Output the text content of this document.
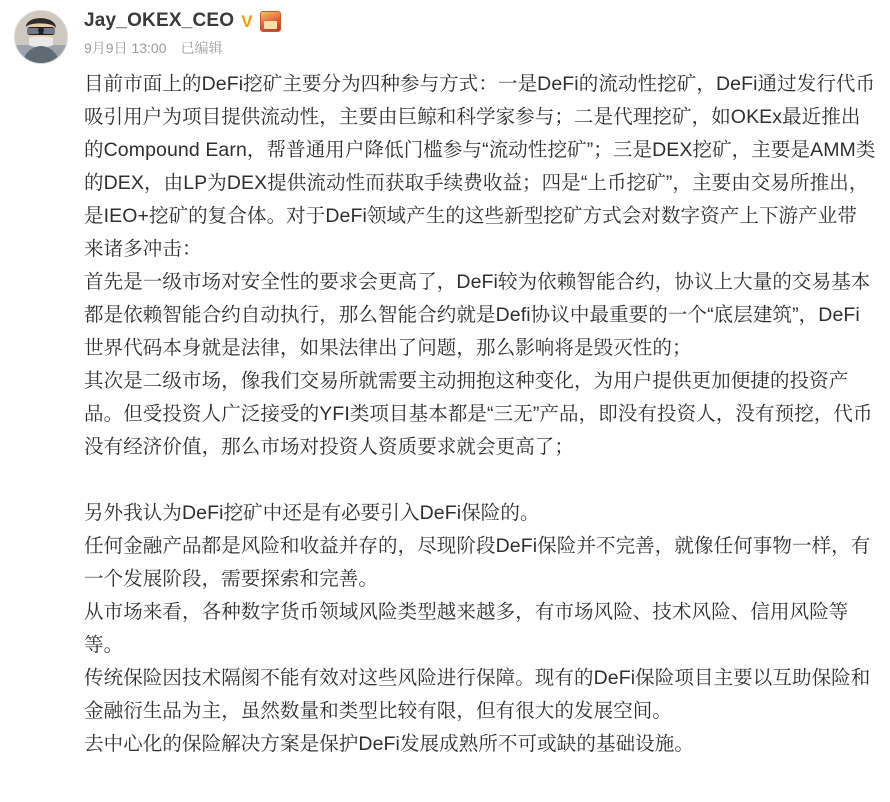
Jay_OKEX_CEO V
9月9日 13:00 已编辑

目前市面上的DeFi挖矿主要分为四种参与方式：一是DeFi的流动性挖矿，DeFi通过发行代币吸引用户为项目提供流动性，主要由巨鲸和科学家参与；二是代理挖矿，如OKEx最近推出的Compound Earn，帮普通用户降低门槛参与“流动性挖矿”；三是DEX挖矿，主要是AMM类的DEX，由LP为DEX提供流动性而获取手续费收益；四是“上币挖矿”，主要由交易所推出，是IEO+挖矿的复合体。对于DeFi领域产生的这些新型挖矿方式会对数字资产上下游产业带来诸多冲击：

首先是一级市场对安全性的要求会更高了，DeFi较为依赖智能合约，协议上大量的交易基本都是依赖智能合约自动执行，那么智能合约就是Defi协议中最重要的一个“底层建筑”，DeFi世界代码本身就是法律，如果法律出了问题，那么影响将是毁灭性的；

其次是二级市场，像我们交易所就需要主动拥抱这种变化，为用户提供更加便捷的投资产品。但受投资人广泛接受的YFI类项目基本都是“三无”产品，即没有投资人，没有预挖，代币没有经济价值，那么市场对投资人资质要求就会更高了；

另外我认为DeFi挖矿中还是有必要引入DeFi保险的。

任何金融产品都是风险和收益并存的，尽现阶段DeFi保险并不完善，就像任何事物一样，有一个发展阶段，需要探索和完善。

从市场来看，各种数字货币领域风险类型越来越多，有市场风险、技术风险、信用风险等等。

传统保险因技术隔阂不能有效对这些风险进行保障。现有的DeFi保险项目主要以互助保险和金融衍生品为主，虽然数量和类型比较有限，但有很大的发展空间。

去中心化的保险解决方案是保护DeFi发展成熟所不可或缺的基础设施。
